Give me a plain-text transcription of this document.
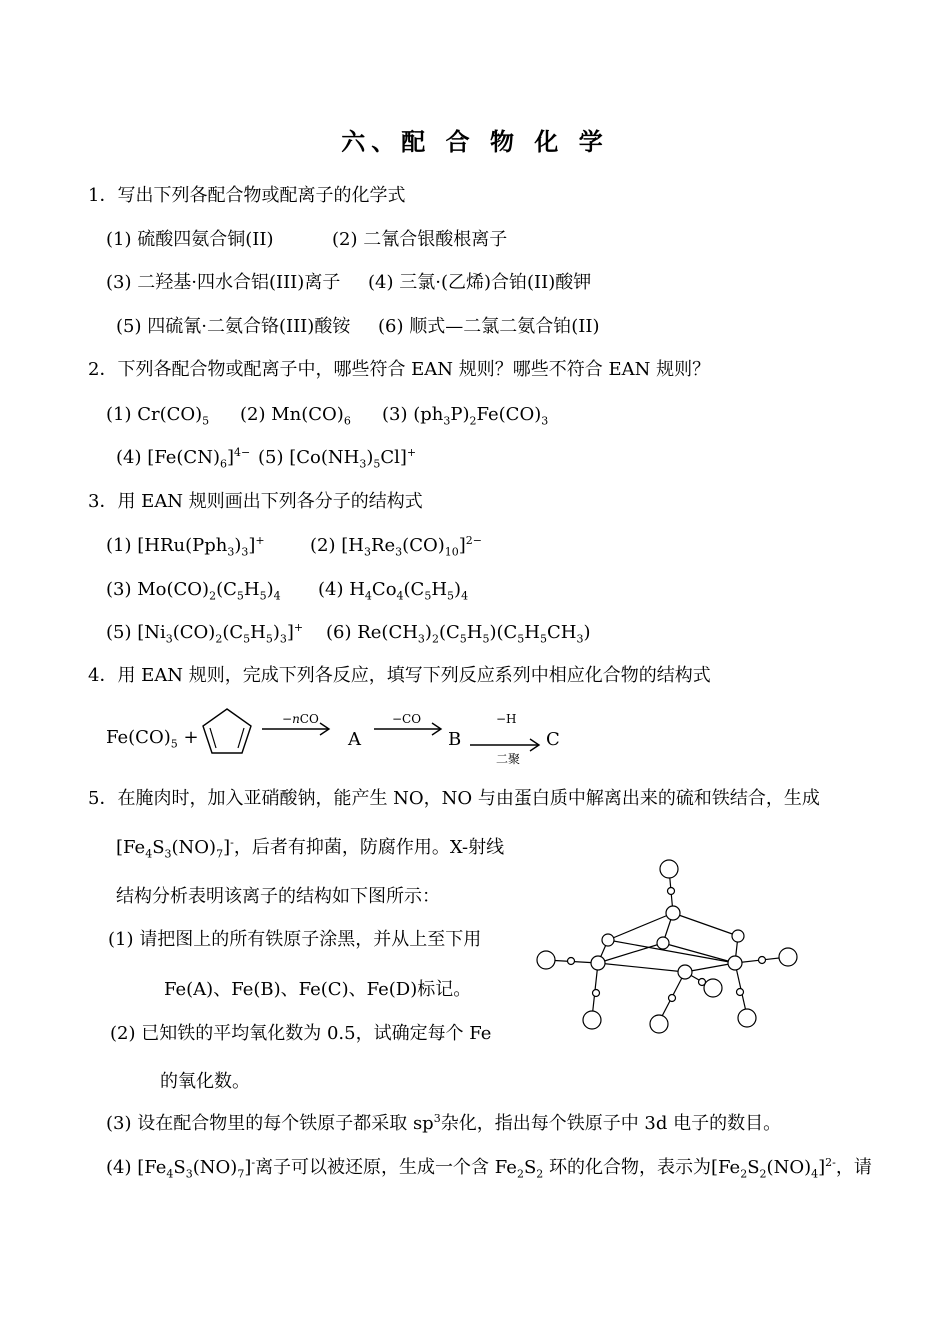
六、配 合 物 化 学
1．写出下列各配合物或配离子的化学式
(1) 硫酸四氨合铜(II)	(2) 二氰合银酸根离子
(3) 二羟基·四水合铝(III)离子 (4) 三氯·(乙烯)合铂(II)酸钾
(5) 四硫氰·二氨合铬(III)酸铵 (6) 顺式—二氯二氨合铂(II)
2．下列各配合物或配离子中，哪些符合 EAN 规则？哪些不符合 EAN 规则？
(1) $Cr(CO)_5$ (2) $Mn(CO)_6$ (3) $(ph_3P)_2Fe(CO)_3$
(4) $[Fe(CN)_6]^{4-}$ (5) $[Co(NH_3)_5Cl]^+$
3．用 EAN 规则画出下列各分子的结构式
(1) $[HRu(Pph_3)_3]^+$	(2) $[H_3Re_3(CO)_{10}]^{2-}$
(3) $Mo(CO)_2(C_5H_5)_4$ (4) $H_4Co_4(C_5H_5)_4$
(5) $[Ni_3(CO)_2(C_5H_5)_3]^+$ (6) $Re(CH_3)_2(C_5H_5)(C_5H_5CH_3)$
4．用 EAN 规则，完成下列各反应，填写下列反应系列中相应化合物的结构式
$Fe(CO)_5$ +
−nCO
A
−CO
B
−H
二聚
C
5．在腌肉时，加入亚硝酸钠，能产生 NO，NO 与由蛋白质中解离出来的硫和铁结合，生成
$[Fe_4S_3(NO)_7]^-$，后者有抑菌，防腐作用。X-射线
结构分析表明该离子的结构如下图所示：
(1) 请把图上的所有铁原子涂黑，并从上至下用
Fe(A)、Fe(B)、Fe(C)、Fe(D)标记。
(2) 已知铁的平均氧化数为 0.5，试确定每个 Fe
的氧化数。
(3) 设在配合物里的每个铁原子都采取 $sp^3$杂化，指出每个铁原子中 3d 电子的数目。
(4) $[Fe_4S_3(NO)_7]^-$离子可以被还原，生成一个含 $Fe_2S_2$ 环的化合物，表示为$[Fe_2S_2(NO)_4]^{2-}$，请
